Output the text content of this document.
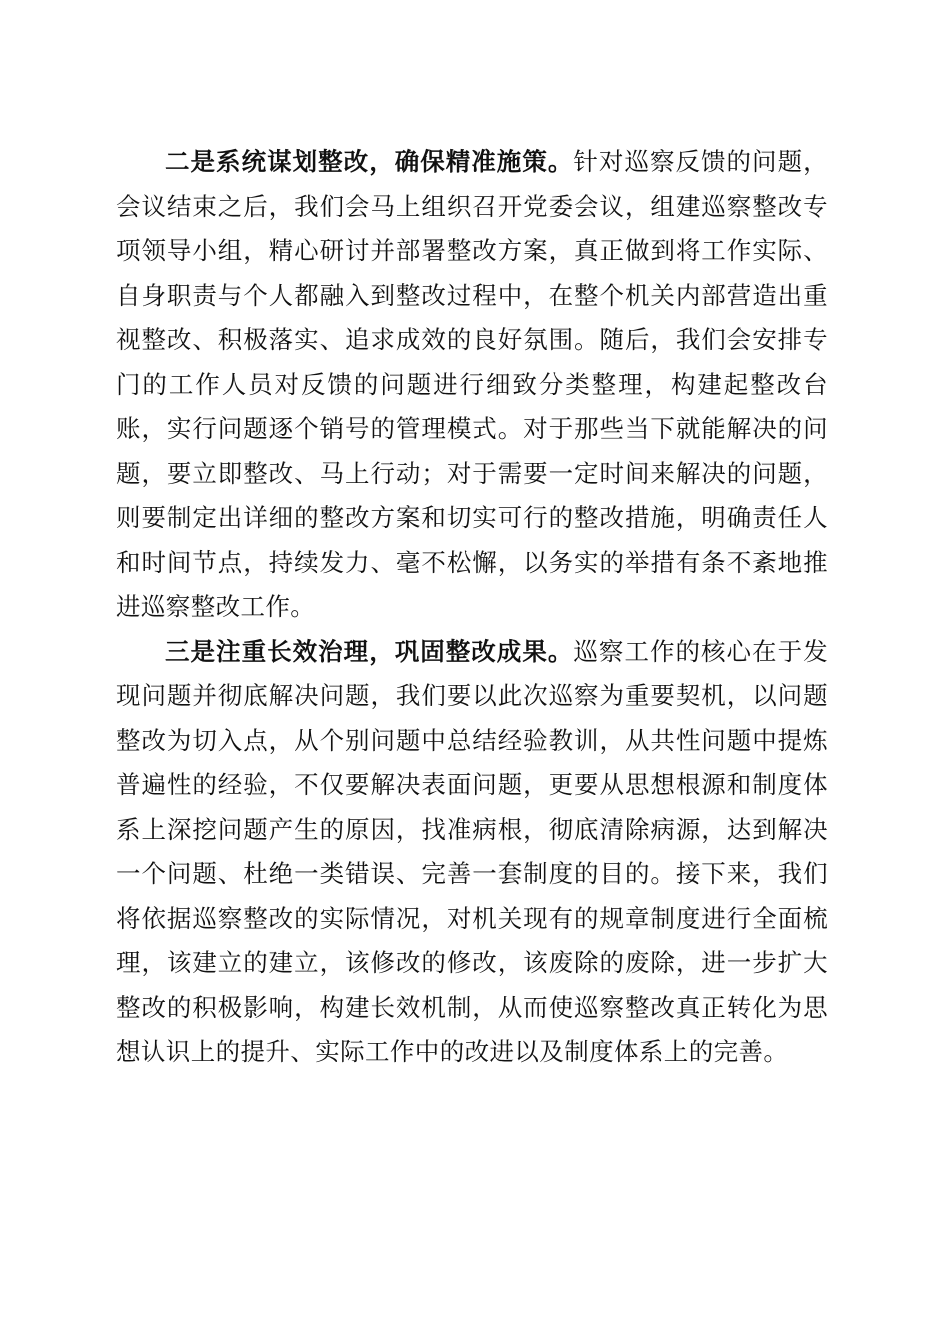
二是系统谋划整改，确保精准施策。针对巡察反馈的问题，会议结束之后，我们会马上组织召开党委会议，组建巡察整改专项领导小组，精心研讨并部署整改方案，真正做到将工作实际、自身职责与个人都融入到整改过程中，在整个机关内部营造出重视整改、积极落实、追求成效的良好氛围。随后，我们会安排专门的工作人员对反馈的问题进行细致分类整理，构建起整改台账，实行问题逐个销号的管理模式。对于那些当下就能解决的问题，要立即整改、马上行动；对于需要一定时间来解决的问题，则要制定出详细的整改方案和切实可行的整改措施，明确责任人和时间节点，持续发力、毫不松懈，以务实的举措有条不紊地推进巡察整改工作。

三是注重长效治理，巩固整改成果。巡察工作的核心在于发现问题并彻底解决问题，我们要以此次巡察为重要契机，以问题整改为切入点，从个别问题中总结经验教训，从共性问题中提炼普遍性的经验，不仅要解决表面问题，更要从思想根源和制度体系上深挖问题产生的原因，找准病根，彻底清除病源，达到解决一个问题、杜绝一类错误、完善一套制度的目的。接下来，我们将依据巡察整改的实际情况，对机关现有的规章制度进行全面梳理，该建立的建立，该修改的修改，该废除的废除，进一步扩大整改的积极影响，构建长效机制，从而使巡察整改真正转化为思想认识上的提升、实际工作中的改进以及制度体系上的完善。
